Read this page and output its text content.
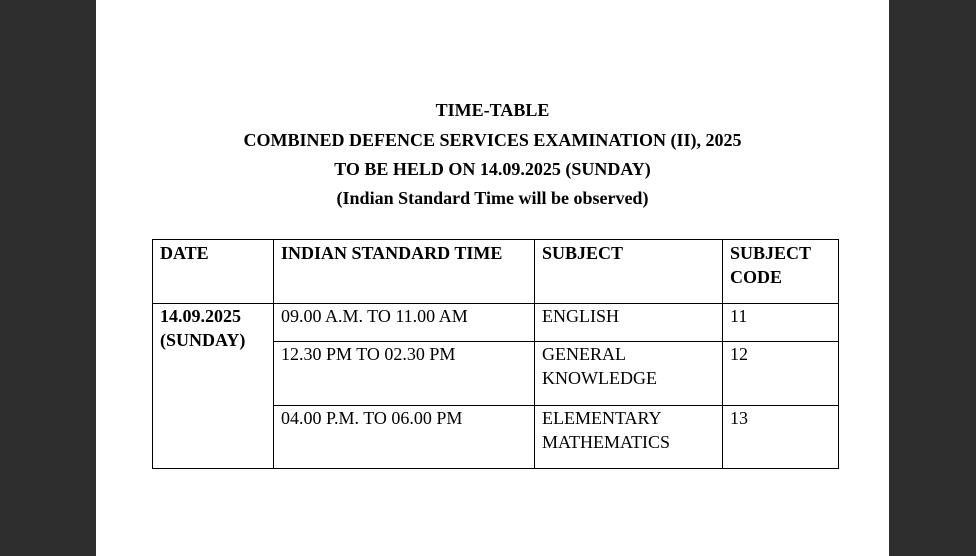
TIME-TABLE
COMBINED DEFENCE SERVICES EXAMINATION (II), 2025
TO BE HELD ON 14.09.2025 (SUNDAY)
(Indian Standard Time will be observed)
DATE	INDIAN STANDARD TIME	SUBJECT	SUBJECT
CODE

14.09.2025
(SUNDAY)	09.00 A.M. TO 11.00 AM	ENGLISH	11
	12.30 PM TO 02.30 PM	GENERAL
KNOWLEDGE	12
	04.00 P.M. TO 06.00 PM	ELEMENTARY
MATHEMATICS	13
